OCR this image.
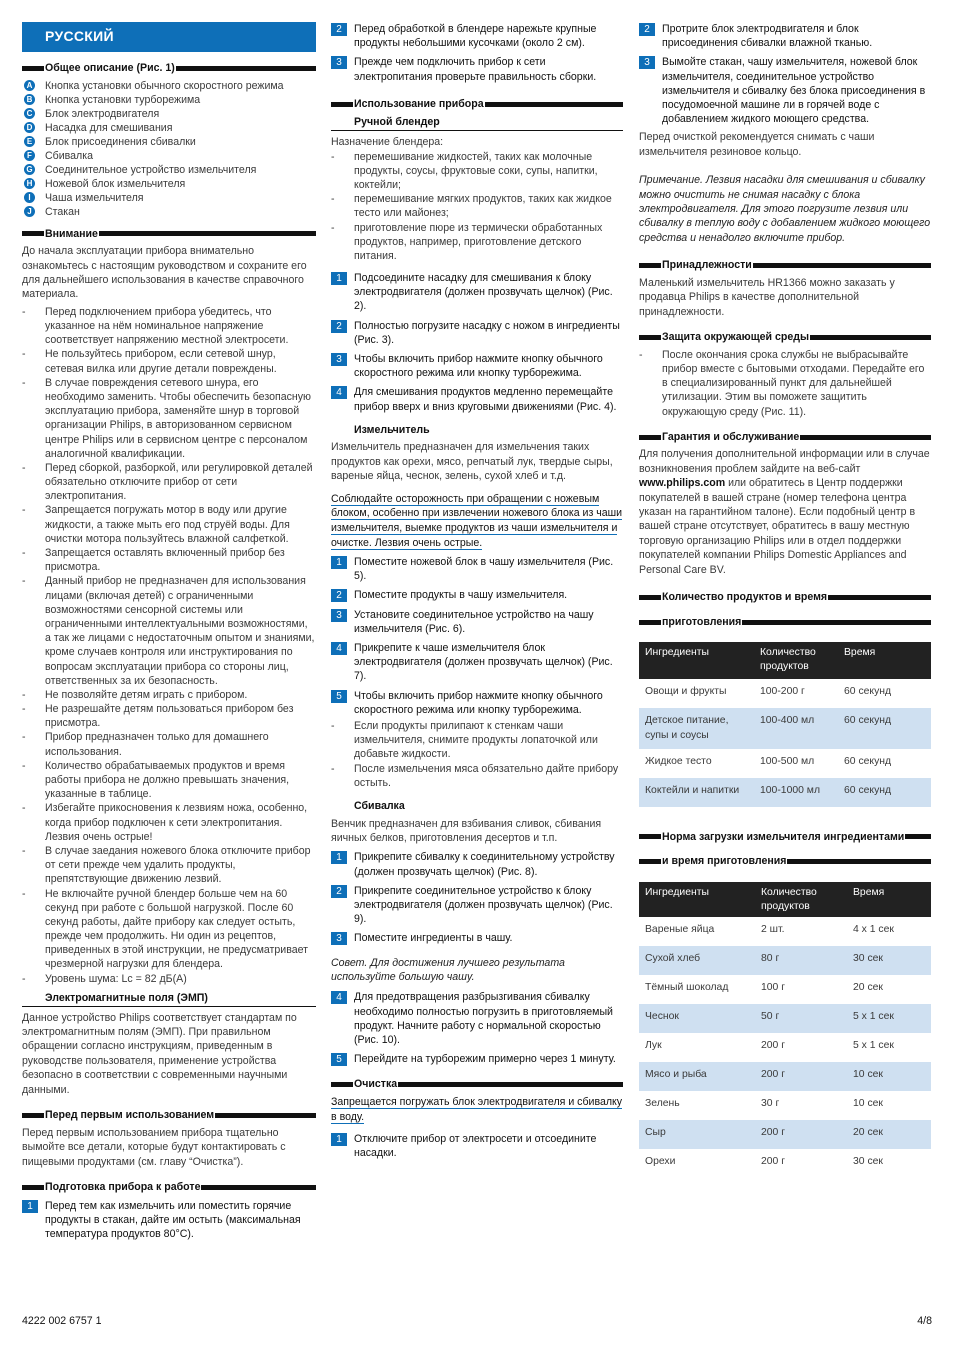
РУССКИЙ
Общее описание (Рис. 1)
A Кнопка установки обычного скоростного режима
B Кнопка установки турборежима
C Блок электродвигателя
D Насадка для смешивания
E Блок присоединения сбивалки
F Сбивалка
G Соединительное устройство измельчителя
H Ножевой блок измельчителя
I	Чаша измельчителя
J	Стакан
Внимание

До начала эксплуатации прибора внимательно ознакомьтесь с настоящим руководством и сохраните его для дальнейшего использования в качестве справочного материала.

- Перед подключением прибора убедитесь, что указанное на нём номинальное напряжение соответствует напряжению местной электросети.
- Не пользуйтесь прибором, если сетевой шнур, сетевая вилка или другие детали повреждены.
- В случае повреждения сетевого шнура, его необходимо заменить. Чтобы обеспечить безопасную эксплуатацию прибора, заменяйте шнур в торговой организации Philips, в авторизованном сервисном центре Philips или в сервисном центре с персоналом аналогичной квалификации.
- Перед сборкой, разборкой, или регулировкой деталей обязательно отключите прибор от сети электропитания.
- Запрещается погружать мотор в воду или другие жидкости, а также мыть его под струёй воды. Для очистки мотора пользуйтесь влажной салфеткой.
- Запрещается оставлять включенный прибор без присмотра.
- Данный прибор не предназначен для использования лицами (включая детей) с ограниченными возможностями сенсорной системы или ограниченными интеллектуальными возможностями, а так же лицами с недостаточным опытом и знаниями, кроме случаев контроля или инструктирования по вопросам эксплуатации прибора со стороны лиц, ответственных за их безопасность.
- Не позволяйте детям играть с прибором.
- Не разрешайте детям пользоваться прибором без присмотра.
- Прибор предназначен только для домашнего использования.
- Количество обрабатываемых продуктов и время работы прибора не должно превышать значения, указанные в таблице.
- Избегайте прикосновения к лезвиям ножа, особенно, когда прибор подключен к сети электропитания. Лезвия очень острые!
- В случае заедания ножевого блока отключите прибор от сети прежде чем удалить продукты, препятствующие движению лезвий.
- Не включайте ручной блендер больше чем на 60 секунд при работе с большой нагрузкой. После 60 секунд работы, дайте прибору как следует остыть, прежде чем продолжить. Ни один из рецептов, приведенных в этой инструкции, не предусматривает чрезмерной нагрузки для блендера.
- Уровень шума: Lc = 82 дБ(A)
Электромагнитные поля (ЭМП)

Данное устройство Philips соответствует стандартам по электромагнитным полям (ЭМП). При правильном обращении согласно инструкциям, приведенным в руководстве пользователя, применение устройства безопасно в соответствии с современными научными данными.

Перед первым использованием

Перед первым использованием прибора тщательно вымойте все детали, которые будут контактировать с пищевыми продуктами (см. главу “Очистка”).

Подготовка прибора к работе
1	Перед тем как измельчить или поместить горячие продукты в стакан, дайте им остыть (максимальная температура продуктов 80°C).
2	Перед обработкой в блендере нарежьте крупные продукты небольшими кусочками (около 2 см).
3	Прежде чем подключить прибор к сети электропитания проверьте правильность сборки.
Использование прибора
Ручной блендер

Назначение блендера:

- перемешивание жидкостей, таких как молочные продукты, соусы, фруктовые соки, супы, напитки, коктейли;
- перемешивание мягких продуктов, таких как жидкое тесто или майонез;
- приготовление пюре из термически обработанных продуктов, например, приготовление детского питания.
1	Подсоедините насадку для смешивания к блоку электродвигателя (должен прозвучать щелчок) (Рис. 2).
2	Полностью погрузите насадку с ножом в ингредиенты (Рис. 3).
3	Чтобы включить прибор нажмите кнопку обычного скоростного режима или кнопку турборежима.
4	Для смешивания продуктов медленно перемещайте прибор вверх и вниз круговыми движениями (Рис. 4).
Измельчитель

Измельчитель предназначен для измельчения таких продуктов как орехи, мясо, репчатый лук, твердые сыры, вареные яйца, чеснок, зелень, сухой хлеб и т.д.

Соблюдайте осторожность при обращении с ножевым блоком, особенно при извлечении ножевого блока из чаши измельчителя, выемке продуктов из чаши измельчителя и очистке. Лезвия очень острые.
1	Поместите ножевой блок в чашу измельчителя (Рис. 5).
2	Поместите продукты в чашу измельчителя.
3	Установите соединительное устройство на чашу измельчителя (Рис. 6).
4	Прикрепите к чаше измельчителя блок электродвигателя (должен прозвучать щелчок) (Рис. 7).
5	Чтобы включить прибор нажмите кнопку обычного скоростного режима или кнопку турборежима.
- Если продукты прилипают к стенкам чаши измельчителя, снимите продукты лопаточкой или добавьте жидкости.
- После измельчения мяса обязательно дайте прибору остыть.
Сбивалка

Венчик предназначен для взбивания сливок, сбивания яичных белков, приготовления десертов и т.п.

1	Прикрепите сбивалку к соединительному устройству (должен прозвучать щелчок) (Рис. 8).
2	Прикрепите соединительное устройство к блоку электродвигателя (должен прозвучать щелчок) (Рис. 9).
3	Поместите ингредиенты в чашу.

Совет. Для достижения лучшего результата используйте большую чашу.

4	Для предотвращения разбрызгивания сбивалку необходимо полностью погрузить в приготовляемый продукт. Начните работу с нормальной скоростью (Рис. 10).
5	Перейдите на турборежим примерно через 1 минуту.
Очистка
Запрещается погружать блок электродвигателя и сбивалку в воду.
1	Отключите прибор от электросети и отсоедините насадки.
2	Протрите блок электродвигателя и блок присоединения сбивалки влажной тканью.
3	Вымойте стакан, чашу измельчителя, ножевой блок измельчителя, соединительное устройство измельчителя и сбивалку без блока присоединения в посудомоечной машине ли в горячей воде с добавлением жидкого моющего средства.

Перед очисткой рекомендуется снимать с чаши измельчителя резиновое кольцо.

Примечание. Лезвия насадки для смешивания и сбивалку можно очистить не снимая насадку с блока электродвигателя. Для этого погрузите лезвия или сбивалку в теплую воду с добавлением жидкого моющего средства и ненадолго включите прибор.

Принадлежности

Маленький измельчитель HR1366 можно заказать у продавца Philips в качестве дополнительной принадлежности.

Защита окружающей среды
- После окончания срока службы не выбрасывайте прибор вместе с бытовыми отходами. Передайте его в специализированный пункт для дальнейшей утилизации. Этим вы поможете защитить окружающую среду (Рис. 11).
Гарантия и обслуживание

Для получения дополнительной информации или в случае возникновения проблем зайдите на веб-сайт www.philips.com или обратитесь в Центр поддержки покупателей в вашей стране (номер телефона центра указан на гарантийном талоне). Если подобный центр в вашей стране отсутствует, обратитесь в вашу местную торговую организацию Philips или в отдел поддержки покупателей компании Philips Domestic Appliances and Personal Care BV.

Количество продуктов и время
приготовления
Ингредиенты	Количество продуктов	Время
Овощи и фрукты	100-200 г	60 секунд
Детское питание, супы и соусы	100-400 мл	60 секунд
Жидкое тесто	100-500 мл	60 секунд
Коктейли и напитки	100-1000 мл	60 секунд
Норма загрузки измельчителя ингредиентами
и время приготовления
Ингредиенты	Количество продуктов	Время
Вареные яйца	2 шт.	4 x 1 сек
Сухой хлеб	80 г	30 сек
Тёмный шоколад	100 г	20 сек
Чеснок	50 г	5 x 1 сек
Лук	200 г	5 x 1 сек
Мясо и рыба	200 г	10 сек
Зелень	30 г	10 сек
Сыр	200 г	20 сек
Орехи	200 г	30 сек
4222 002 6757 1	4/8
